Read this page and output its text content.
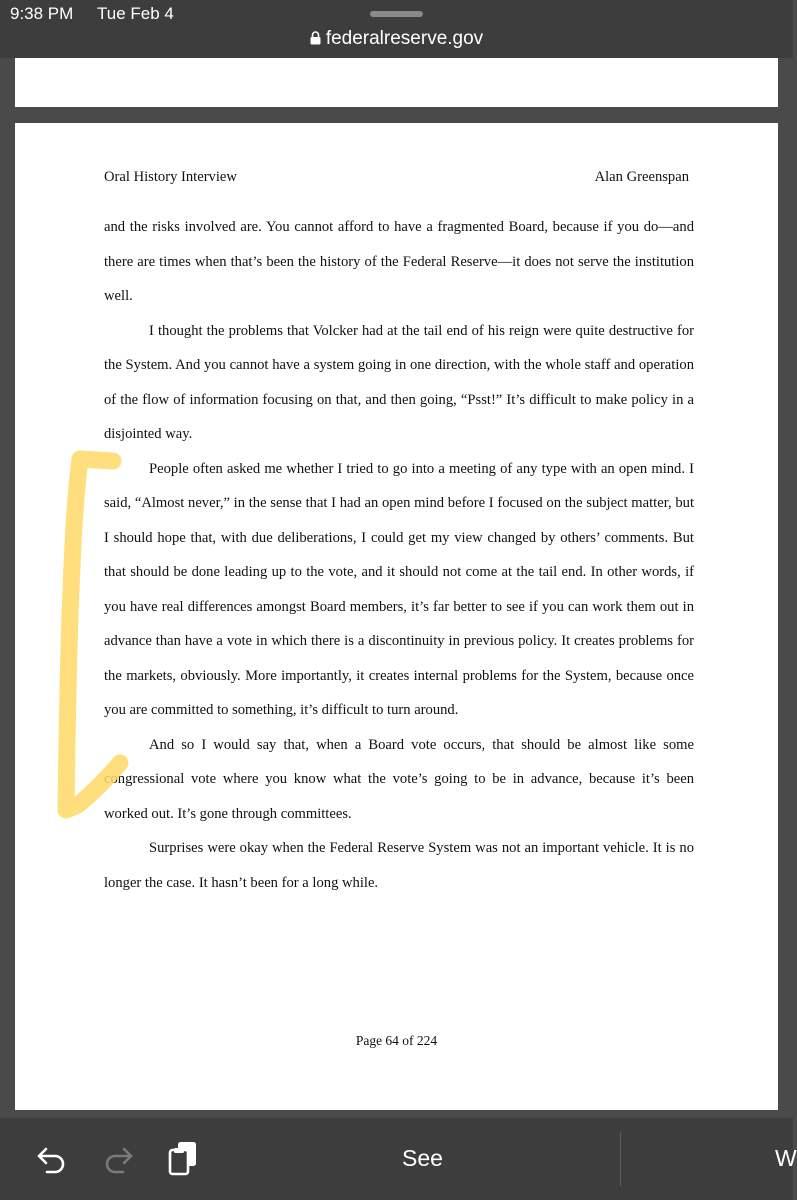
9:38 PM Tue Feb 4
federalreserve.gov
Oral History Interview	Alan Greenspan

and the risks involved are. You cannot afford to have a fragmented Board, because if you do—and there are times when that’s been the history of the Federal Reserve—it does not serve the institution well.

I thought the problems that Volcker had at the tail end of his reign were quite destructive for the System. And you cannot have a system going in one direction, with the whole staff and operation of the flow of information focusing on that, and then going, “Psst!” It’s difficult to make policy in a disjointed way.

People often asked me whether I tried to go into a meeting of any type with an open mind. I said, “Almost never,” in the sense that I had an open mind before I focused on the subject matter, but I should hope that, with due deliberations, I could get my view changed by others’ comments. But that should be done leading up to the vote, and it should not come at the tail end. In other words, if you have real differences amongst Board members, it’s far better to see if you can work them out in advance than have a vote in which there is a discontinuity in previous policy. It creates problems for the markets, obviously. More importantly, it creates internal problems for the System, because once you are committed to something, it’s difficult to turn around.

And so I would say that, when a Board vote occurs, that should be almost like some congressional vote where you know what the vote’s going to be in advance, because it’s been worked out. It’s gone through committees.

Surprises were okay when the Federal Reserve System was not an important vehicle. It is no longer the case. It hasn’t been for a long while.

Page 64 of 224
See	W
